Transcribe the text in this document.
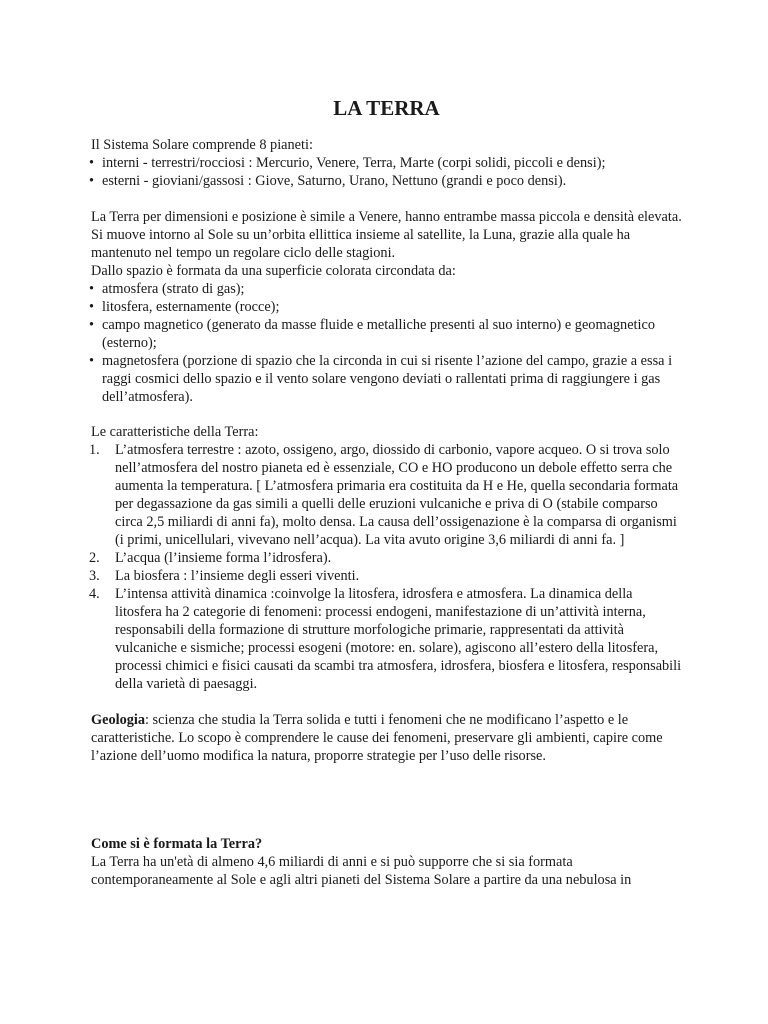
LA TERRA

Il Sistema Solare comprende 8 pianeti:

• interni - terrestri/rocciosi : Mercurio, Venere, Terra, Marte (corpi solidi, piccoli e densi);
• esterni - gioviani/gassosi : Giove, Saturno, Urano, Nettuno (grandi e poco densi).

La Terra per dimensioni e posizione è simile a Venere, hanno entrambe massa piccola e densità elevata. Si muove intorno al Sole su un’orbita ellittica insieme al satellite, la Luna, grazie alla quale ha mantenuto nel tempo un regolare ciclo delle stagioni.

Dallo spazio è formata da una superficie colorata circondata da:

• atmosfera (strato di gas);
• litosfera, esternamente (rocce);
• campo magnetico (generato da masse fluide e metalliche presenti al suo interno) e geomagnetico (esterno);
• magnetosfera (porzione di spazio che la circonda in cui si risente l’azione del campo, grazie a essa i raggi cosmici dello spazio e il vento solare vengono deviati o rallentati prima di raggiungere i gas dell’atmosfera).

Le caratteristiche della Terra:

1. L’atmosfera terrestre : azoto, ossigeno, argo, diossido di carbonio, vapore acqueo. O si trova solo nell’atmosfera del nostro pianeta ed è essenziale, CO e HO producono un debole effetto serra che aumenta la temperatura. [ L’atmosfera primaria era costituita da H e He, quella secondaria formata per degassazione da gas simili a quelli delle eruzioni vulcaniche e priva di O (stabile comparso circa 2,5 miliardi di anni fa), molto densa. La causa dell’ossigenazione è la comparsa di organismi (i primi, unicellulari, vivevano nell’acqua). La vita avuto origine 3,6 miliardi di anni fa. ]
2. L’acqua (l’insieme forma l’idrosfera).
3. La biosfera : l’insieme degli esseri viventi.
4. L’intensa attività dinamica :coinvolge la litosfera, idrosfera e atmosfera. La dinamica della litosfera ha 2 categorie di fenomeni: processi endogeni, manifestazione di un’attività interna, responsabili della formazione di strutture morfologiche primarie, rappresentati da attività vulcaniche e sismiche; processi esogeni (motore: en. solare), agiscono all’estero della litosfera, processi chimici e fisici causati da scambi tra atmosfera, idrosfera, biosfera e litosfera, responsabili della varietà di paesaggi.

Geologia: scienza che studia la Terra solida e tutti i fenomeni che ne modificano l’aspetto e le caratteristiche. Lo scopo è comprendere le cause dei fenomeni, preservare gli ambienti, capire come l’azione dell’uomo modifica la natura, proporre strategie per l’uso delle risorse.

Come si è formata la Terra?

La Terra ha un'età di almeno 4,6 miliardi di anni e si può supporre che si sia formata contemporaneamente al Sole e agli altri pianeti del Sistema Solare a partire da una nebulosa in
